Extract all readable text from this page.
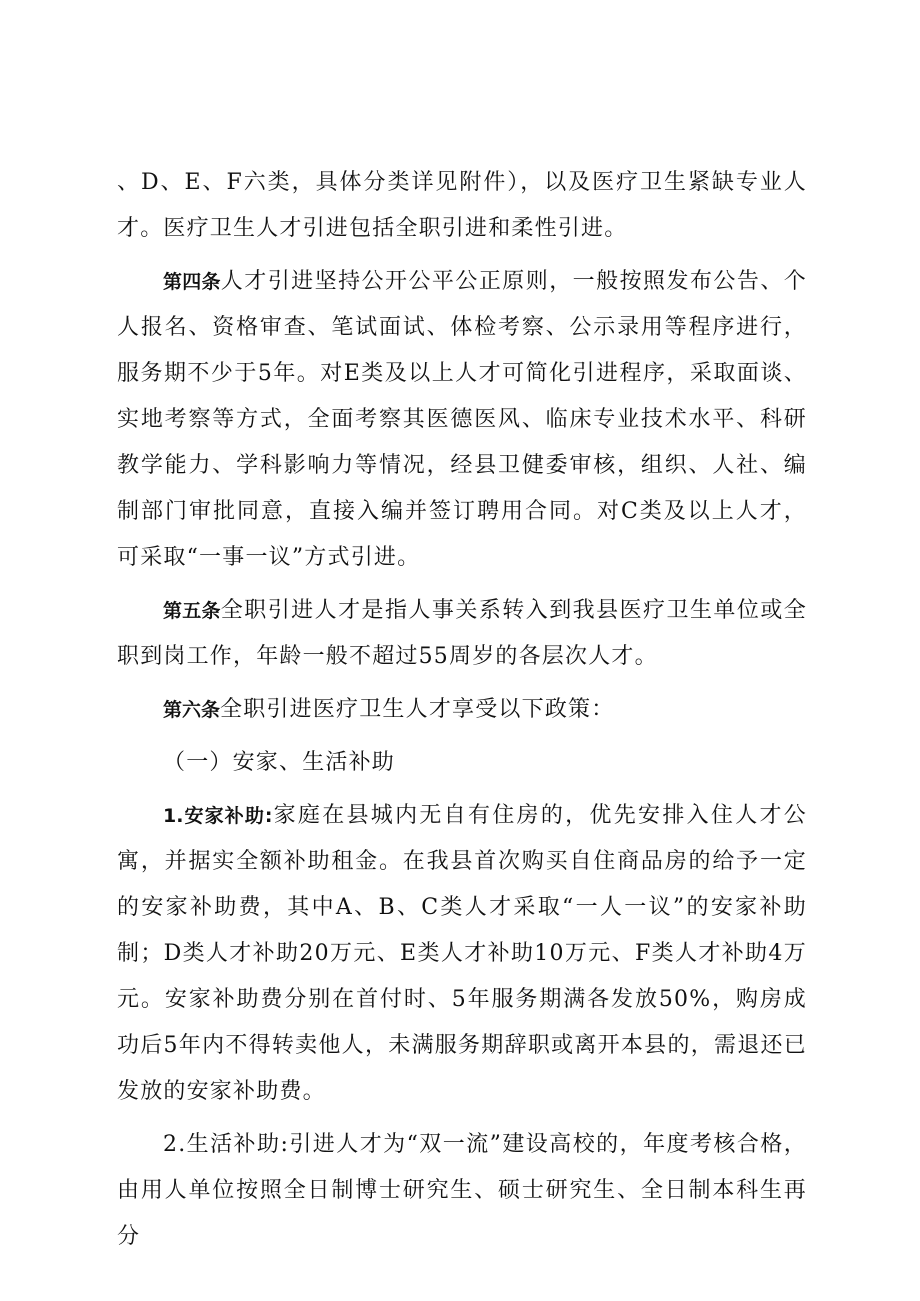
、D、E、F六类，具体分类详见附件），以及医疗卫生紧缺专业人才。医疗卫生人才引进包括全职引进和柔性引进。

第四条人才引进坚持公开公平公正原则，一般按照发布公告、个人报名、资格审查、笔试面试、体检考察、公示录用等程序进行，服务期不少于5年。对E类及以上人才可简化引进程序，采取面谈、实地考察等方式，全面考察其医德医风、临床专业技术水平、科研教学能力、学科影响力等情况，经县卫健委审核，组织、人社、编制部门审批同意，直接入编并签订聘用合同。对C类及以上人才，可采取“一事一议”方式引进。

第五条全职引进人才是指人事关系转入到我县医疗卫生单位或全职到岗工作，年龄一般不超过55周岁的各层次人才。

第六条全职引进医疗卫生人才享受以下政策：

（一）安家、生活补助

1.安家补助:家庭在县城内无自有住房的，优先安排入住人才公寓，并据实全额补助租金。在我县首次购买自住商品房的给予一定的安家补助费，其中A、B、C类人才采取“一人一议”的安家补助制；D类人才补助20万元、E类人才补助10万元、F类人才补助4万元。安家补助费分别在首付时、5年服务期满各发放50%，购房成功后5年内不得转卖他人，未满服务期辞职或离开本县的，需退还已发放的安家补助费。

2.生活补助:引进人才为“双一流”建设高校的，年度考核合格，由用人单位按照全日制博士研究生、硕士研究生、全日制本科生再分
